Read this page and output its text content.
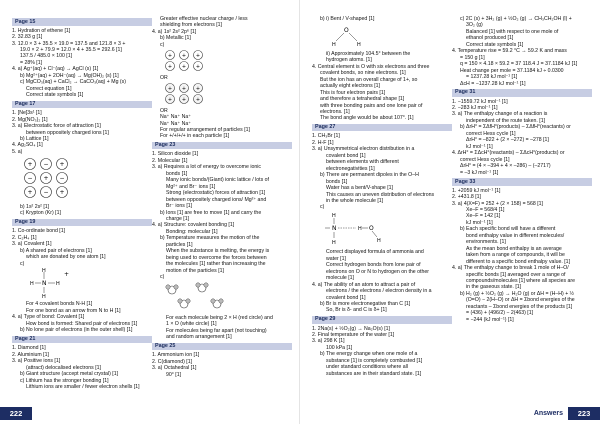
Page 15
1. Hydration of ethene [1]
2. 32.83 g [1]
3. 12.0 × 3 + 35.5 × 19.0 = 137.5 and 121.8 × 3 +
19.0 × 2 + 79.9 = 12.0 × 4 + 35.5 = 292.6 [1]
137.5 / 485.0 × 100 [1]
= 28% [1]
4. a) Ag⁺(aq) + Cl⁻(aq) → AgCl (s) [1]
b) Mg²⁺(aq) + 2OH⁻(aq) → Mg(OH)₂ (s) [1]
c) MgCO₃(aq) + CaCl₂ → CaCO₃(aq) + Mg (s)
Correct equation [1]
Correct state symbols [1]
Page 17
1. [Ne]3s¹ [1]
2. Mg(NO₃)₂ [1]
3. a) Electrostatic force of attraction [1]
between oppositely charged ions [1]
b) Lattice [1]
4. Ag₂SO₄ [1]
5. a)
+ − +
− + −
+ − +
b) 1s² 2s² [1]
c) Krypton (Kr) [1]
Page 19
1. Co-ordinate bond [1]
2. C₂H₄ [1]
3. a) Covalent [1]
b) A shared pair of electrons [1]
which are donated by one atom [1]
c)
N
H
H
H	H
+
For 4 covalent bonds N-H [1]
For one bond as an arrow from N to H [1]
4. a) Type of bond: Covalent [1]
How bond is formed: Shared pair of electrons [1]
b) No lone pair of electrons (in the outer shell) [1]
Page 21
1. Diamond [1]
2. Aluminium [1]
3. a) Positive ions [1]
(attract) delocalised electrons [1]
b) Giant structure (accept metal crystal) [1]
c) Lithium has the stronger bonding [1]
Lithium ions are smaller / fewer electron shells [1]
Greater effective nuclear charge / less
shielding from electrons [1]
4. a) 1s² 2s² 2p⁶ [1]
b) Metallic [1]
c)
+ + +
+ + +
OR
+ + +
+ + +
OR
Na⁺ Na⁺ Na⁺
Na⁺ Na⁺ Na⁺
For regular arrangement of particles [1]
For +/+/+/+ in each particle [1]
Page 23
1. Silicon dioxide [1]
2. Molecular [1]
3. a) Requires a lot of energy to overcome ionic
bonds [1]
Many ionic bonds/(Giant) ionic lattice / lots of
Mg²⁺ and Br⁻ ions [1]
Strong (electrostatic) forces of attraction [1]
between oppositely charged ions/ Mg²⁺ and
Br⁻ ions [1]
b) Ions [1] are free to move [1] and carry the
charge [1]
4. a) Structure: covalent bonding [1]
Bonding: molecular [1]
b) Temperature measures the motion of the
particles [1]
When the substance is melting, the energy is
being used to overcome the forces between
the molecules [1] rather than increasing the
motion of the particles [1]
c)
For each molecule being 2 × H (red circle) and
1 × O (white circle) [1]
For molecules being far apart (not touching)
and random arrangement [1]
Page 25
1. Ammonium ion [1]
2. C(diamond) [1]
3. a) Octahedral [1]
90° [1]
b) i) Bent / V-shaped [1]
O
H	H
ii) Approximately 104.5° between the
hydrogen atoms. [1]
4. Central element is O with six electrons and three
covalent bonds, so nine electrons. [1]
But the ion has an overall charge of 1+, so
actually eight electrons [1]
This is four electron pairs [1]
and therefore a tetrahedral shape [1]
with three bonding pairs and one lone pair of
electrons. [1]
The bond angle would be about 107°. [1]
Page 27
1. CH₃Br [1]
2. H-F [1]
3. a) Unsymmetrical electron distribution in a
covalent bond [1]
between elements with different
electronegativities [1]
b) There are permanent dipoles in the O–H
bonds [1]
Water has a bent/V-shape [1]
This causes an uneven distribution of electrons
in the whole molecule [1]
c)
N
H
H
H O
H
Correct displayed formula of ammonia and
water [1]
Correct hydrogen bonds from lone pair of
electrons on O or N to hydrogen on the other
molecule [1]
4. a) The ability of an atom to attract a pair of
electrons / the electrons / electron density in a
covalent bond [1]
b) Br is more electronegative than C [1]
So, Br is δ- and C is δ+ [1]
Page 29
1. 2Na(s) + ½O₂(g) → Na₂O(s) [1]
2. Final temperature of the water [1]
3. a) 298 K [1]
100 kPa [1]
b) The energy change when one mole of a
substance [1] is completely combusted [1]
under standard conditions where all
substances are in their standard state. [1]
c) 2C (s) + 3H₂ (g) + ½O₂ (g) → CH₃CH₂OH (l) +
3O₂ (g)
Balanced [1] with respect to one mole of
ethanol produced [1]
Correct state symbols [1]
4. Temperature rise = 59.2 °C → 59.2 K and mass
= 150 g [1]
q = 150 × 4.18 × 59.2 = 37 118.4 J = 37.1184 kJ [1]
Heat change per mole = 37.1184 kJ ÷ 0.0300
= 1237.28 kJ mol⁻¹ [1]
ΔcH = −1237.28 kJ mol⁻¹ [1]
Page 31
1. −1559.72 kJ mol⁻¹ [1]
2. −283 kJ mol⁻¹ [1]
3. a) The enthalpy change of a reaction is
independent of the route taken. [1]
b) ΔrH° = ΣΔfH°(products) – ΣΔfH°(reactants) or
correct Hess cycle [1]
ΔrH° = –822 + (2 × –272) = –278 [1]
kJ mol⁻¹ [1]
4. ΔrH° = ΣΔcH°(reactants) – ΣΔcH°(products) or
correct Hess cycle [1]
ΔrH° = (4 × –394 + 4 × –286) – (–2717)
= –3 kJ mol⁻¹ [1]
Page 33
1. +2059 kJ mol⁻¹ [1]
2. +431.8 [1]
3. a) 4(X=F) = 252 + (2 × 158) = 568 [1]
Xe–F = 568/4 [1]
Xe–F = 142 [1]
kJ mol⁻¹ [1]
b) Each specific bond will have a different
bond enthalpy value in different molecules/
environments. [1]
As the mean bond enthalpy is an average
taken from a range of compounds, it will be
different to a specific bond enthalpy value. [1]
4. a) The enthalpy change to break 1 mole of H–O/
specific bonds [1] averaged over a range of
compounds/molecules [1] where all species are
in the gaseous state. [1]
b) H₂ (g) + ½O₂ (g) → H₂O (g) or ΔH = (H–H) + ½
(O=O) − 2(H–O) or ΔH = Σbond energies of the
reactants – Σbond energies of the products [1]
= (436) + (496/2) − 2(463) [1]
= −244 (kJ mol⁻¹) [1]
222	Answers	223
